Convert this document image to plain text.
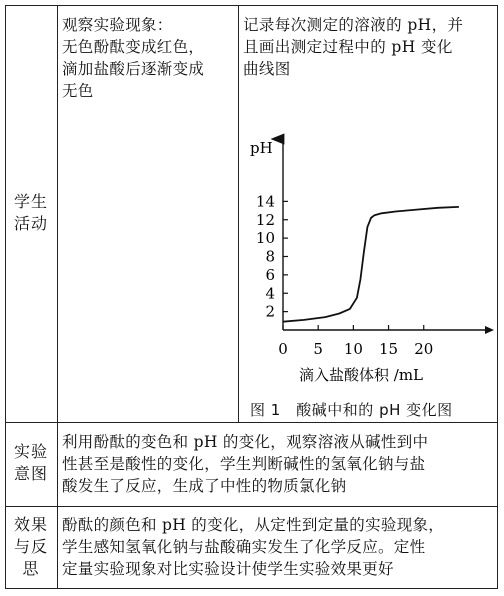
学生
活动
实验
意图
效果
与反
思
观察实验现象：
无色酚酞变成红色，
滴加盐酸后逐渐变成
无色
记录每次测定的溶液的 pH，并
且画出测定过程中的 pH 变化
曲线图
pH
2
4
6
8
10
12
14
0 5 10 15 20
滴入盐酸体积 /mL
图 1　酸碱中和的 pH 变化图
利用酚酞的变色和 pH 的变化，观察溶液从碱性到中
性甚至是酸性的变化，学生判断碱性的氢氧化钠与盐
酸发生了反应，生成了中性的物质氯化钠
酚酞的颜色和 pH 的变化，从定性到定量的实验现象，
学生感知氢氧化钠与盐酸确实发生了化学反应。定性
定量实验现象对比实验设计使学生实验效果更好
